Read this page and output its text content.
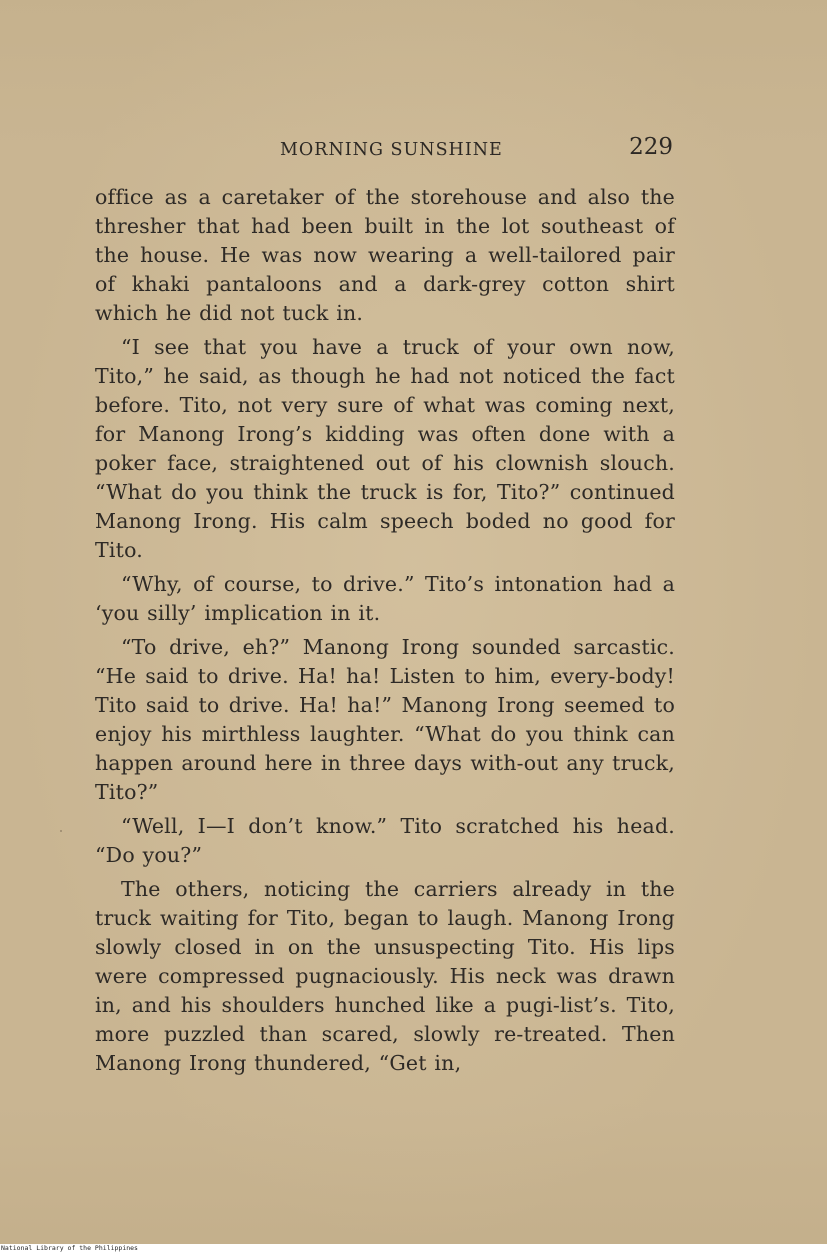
MORNING SUNSHINE	229

office as a caretaker of the storehouse and also the thresher that had been built in the lot southeast of the house. He was now wearing a well-tailored pair of khaki pantaloons and a dark-grey cotton shirt which he did not tuck in.

“I see that you have a truck of your own now, Tito,” he said, as though he had not noticed the fact before. Tito, not very sure of what was coming next, for Manong Irong’s kidding was often done with a poker face, straightened out of his clownish slouch. “What do you think the truck is for, Tito?” continued Manong Irong. His calm speech boded no good for Tito.

“Why, of course, to drive.” Tito’s intonation had a ‘you silly’ implication in it.

“To drive, eh?” Manong Irong sounded sarcastic. “He said to drive. Ha! ha! Listen to him, every-body! Tito said to drive. Ha! ha!” Manong Irong seemed to enjoy his mirthless laughter. “What do you think can happen around here in three days with-out any truck, Tito?”

“Well, I—I don’t know.” Tito scratched his head. “Do you?”

The others, noticing the carriers already in the truck waiting for Tito, began to laugh. Manong Irong slowly closed in on the unsuspecting Tito. His lips were compressed pugnaciously. His neck was drawn in, and his shoulders hunched like a pugi-list’s. Tito, more puzzled than scared, slowly re-treated. Then Manong Irong thundered, “Get in,

National Library of the Philippines
